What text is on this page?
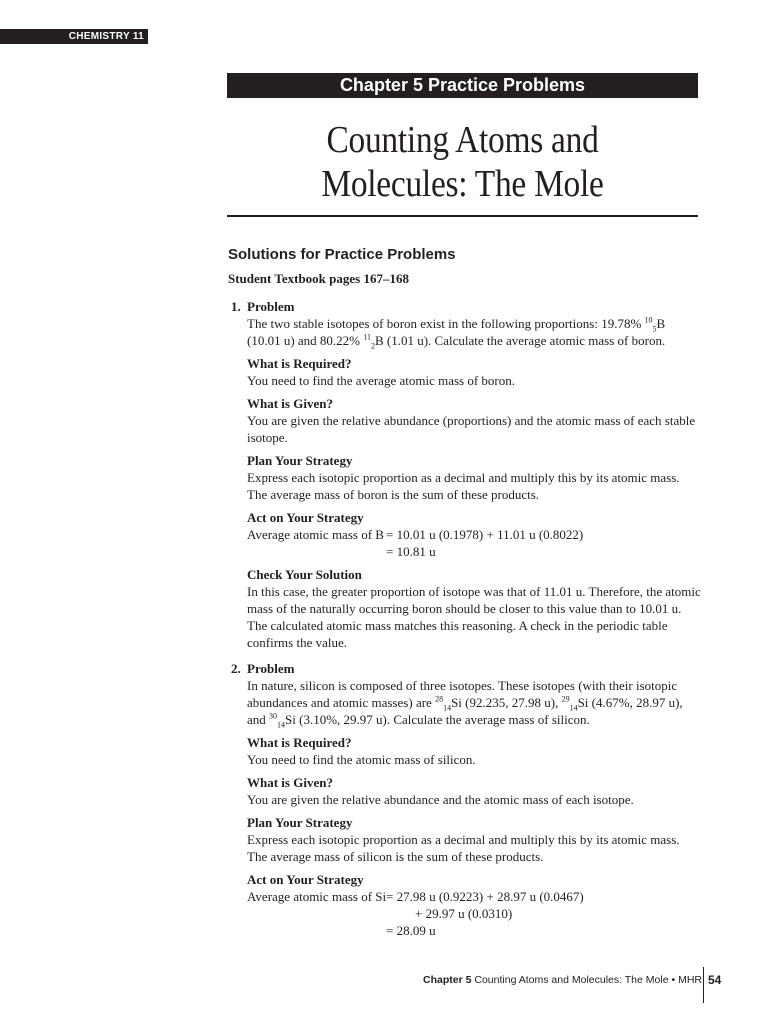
CHEMISTRY 11
Chapter 5 Practice Problems
Counting Atoms and
Molecules: The Mole
Solutions for Practice Problems
Student Textbook pages 167–168
1. Problem

The two stable isotopes of boron exist in the following proportions: 19.78% $^{10}_5$B (10.01 u) and 80.22% $^{11}_2$B (1.01 u). Calculate the average atomic mass of boron.

What is Required?

You need to find the average atomic mass of boron.

What is Given?

You are given the relative abundance (proportions) and the atomic mass of each stable isotope.

Plan Your Strategy

Express each isotopic proportion as a decimal and multiply this by its atomic mass. The average mass of boron is the sum of these products.

Act on Your Strategy
Average atomic mass of B = 10.01 u (0.1978) + 11.01 u (0.8022)
= 10.81 u
Check Your Solution

In this case, the greater proportion of isotope was that of 11.01 u. Therefore, the atomic mass of the naturally occurring boron should be closer to this value than to 10.01 u. The calculated atomic mass matches this reasoning. A check in the periodic table confirms the value.

2. Problem

In nature, silicon is composed of three isotopes. These isotopes (with their isotopic abundances and atomic masses) are $^{28}_{14}$Si (92.235, 27.98 u), $^{29}_{14}$Si (4.67%, 28.97 u), and $^{30}_{14}$Si (3.10%, 29.97 u). Calculate the average mass of silicon.

What is Required?

You need to find the atomic mass of silicon.

What is Given?

You are given the relative abundance and the atomic mass of each isotope.

Plan Your Strategy

Express each isotopic proportion as a decimal and multiply this by its atomic mass. The average mass of silicon is the sum of these products.

Act on Your Strategy
Average atomic mass of Si = 27.98 u (0.9223) + 28.97 u (0.0467)
+ 29.97 u (0.0310)
= 28.09 u
Chapter 5 Counting Atoms and Molecules: The Mole • MHR 54
